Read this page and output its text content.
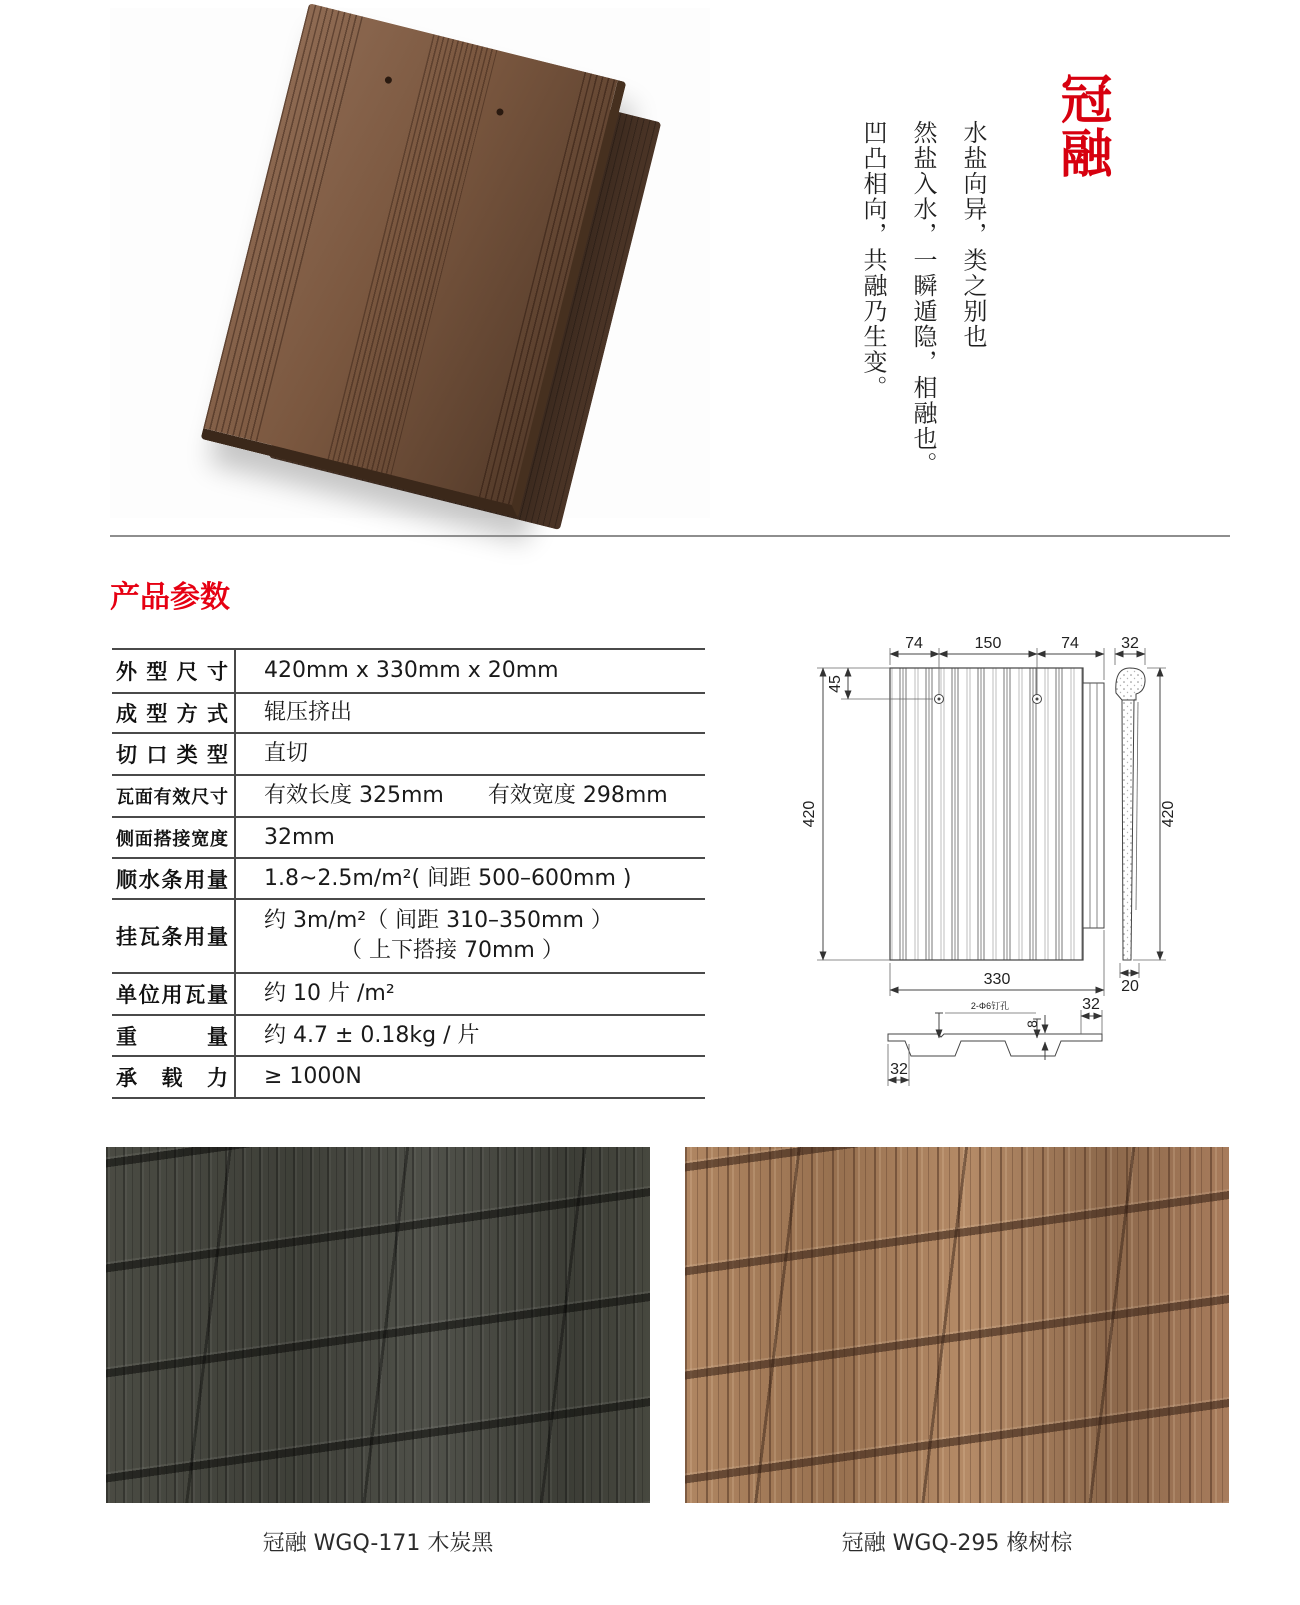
冠融

水盐向异，类之别也

然盐入水，一瞬遁隐，相融也。

凹凸相向，共融乃生变。

产品参数
外型尺寸 420mm x 330mm x 20mm
成型方式 辊压挤出
切口类型 直切
瓦面有效尺寸 有效长度 325mm　　有效宽度 298mm
侧面搭接宽度 32mm
顺水条用量 1.8~2.5m/m²( 间距 500–600mm )
挂瓦条用量
约 3m/m²（ 间距 310–350mm ）
（ 上下搭接 70mm ）
单位用瓦量 约 10 片 /m²
重量 约 4.7 ± 0.18kg / 片
承载力 ≥ 1000N
74	150	74
45
420
330
32
420
20
2-Φ6钉孔
8
32
32
冠融 WGQ-171 木炭黑	冠融 WGQ-295 橡树棕
